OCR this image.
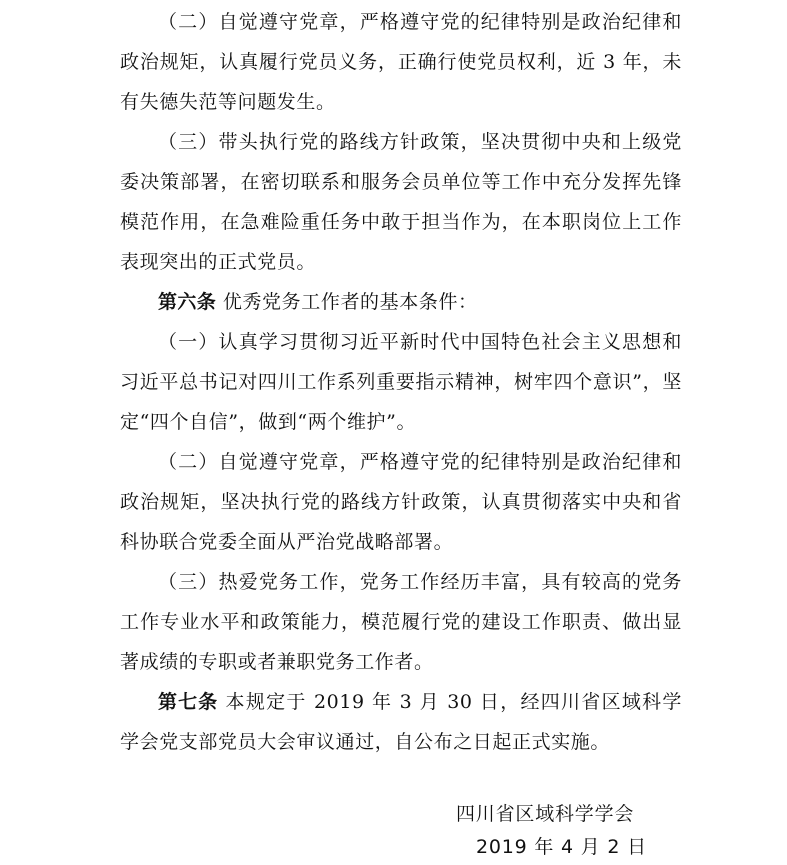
（二）自觉遵守党章，严格遵守党的纪律特别是政治纪律和政治规矩，认真履行党员义务，正确行使党员权利，近 3 年，未有失德失范等问题发生。

（三）带头执行党的路线方针政策，坚决贯彻中央和上级党委决策部署，在密切联系和服务会员单位等工作中充分发挥先锋模范作用，在急难险重任务中敢于担当作为，在本职岗位上工作表现突出的正式党员。

第六条 优秀党务工作者的基本条件：

（一）认真学习贯彻习近平新时代中国特色社会主义思想和习近平总书记对四川工作系列重要指示精神，树牢四个意识”，坚定“四个自信”，做到“两个维护”。

（二）自觉遵守党章，严格遵守党的纪律特别是政治纪律和政治规矩，坚决执行党的路线方针政策，认真贯彻落实中央和省科协联合党委全面从严治党战略部署。

（三）热爱党务工作，党务工作经历丰富，具有较高的党务工作专业水平和政策能力，模范履行党的建设工作职责、做出显著成绩的专职或者兼职党务工作者。

第七条 本规定于 2019 年 3 月 30 日，经四川省区域科学学会党支部党员大会审议通过，自公布之日起正式实施。

四川省区域科学学会
2019 年 4 月 2 日
